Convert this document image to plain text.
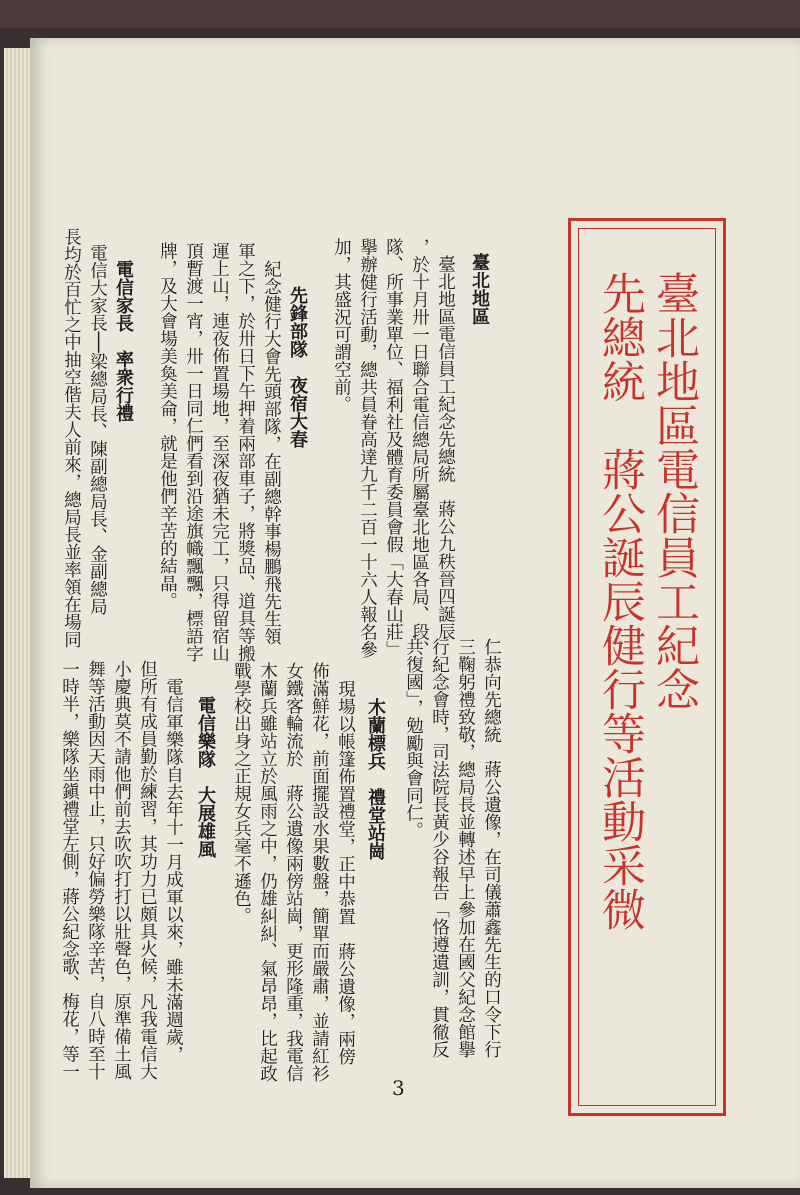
臺北地區電信員工紀念
先總統　蔣公誕辰健行等活動采微
臺北地區
臺北地區電信員工紀念先總統　蔣公九秩晉四誕辰
，於十月卅一日聯合電信總局所屬臺北地區各局、段、
隊、所事業單位、福利社及體育委員會假「大春山莊」
擧辦健行活動，總共員眷高達九千二百一十六人報名參
加，其盛況可謂空前。
先鋒部隊　夜宿大春
紀念健行大會先頭部隊，在副總幹事楊鵬飛先生領
軍之下，於卅日下午押着兩部車子，將獎品、道具等搬
運上山，連夜佈置場地，至深夜猶未完工，只得留宿山
頂暫渡一宵，卅一日同仁們看到沿途旗幟飄飄，標語字
牌，及大會場美奐美侖，就是他們辛苦的結晶。
電信家長　率衆行禮
電信大家長──梁總局長、陳副總局長、金副總局
長均於百忙之中抽空偕夫人前來，總局長並率領在場同
仁恭向先總統　蔣公遺像，在司儀蕭鑫先生的口令下行
三鞠躬禮致敬，總局長並轉述早上參加在國父紀念館擧
行紀念會時，司法院長黃少谷報告「恪遵遺訓，貫徹反
共復國」，勉勵與會同仁。
木蘭標兵　禮堂站崗
現場以帳篷佈置禮堂，正中恭置　蔣公遺像，兩傍
佈滿鮮花，前面擺設水果數盤，簡單而嚴肅，並請紅衫
女鐵客輪流於　蔣公遺像兩傍站崗，更形隆重，我電信
木蘭兵雖站立於風雨之中，仍雄糾糾、氣昂昂，比起政
戰學校出身之正規女兵毫不遜色。
電信樂隊　大展雄風
電信軍樂隊自去年十一月成軍以來，雖未滿週歲，
但所有成員勤於練習，其功力已頗具火候，凡我電信大
小慶典莫不請他們前去吹吹打打以壯聲色，原準備土風
舞等活動因天雨中止，只好偏勞樂隊辛苦，自八時至十
一時半，樂隊坐鎭禮堂左側，蔣公紀念歌、梅花，等一
3
